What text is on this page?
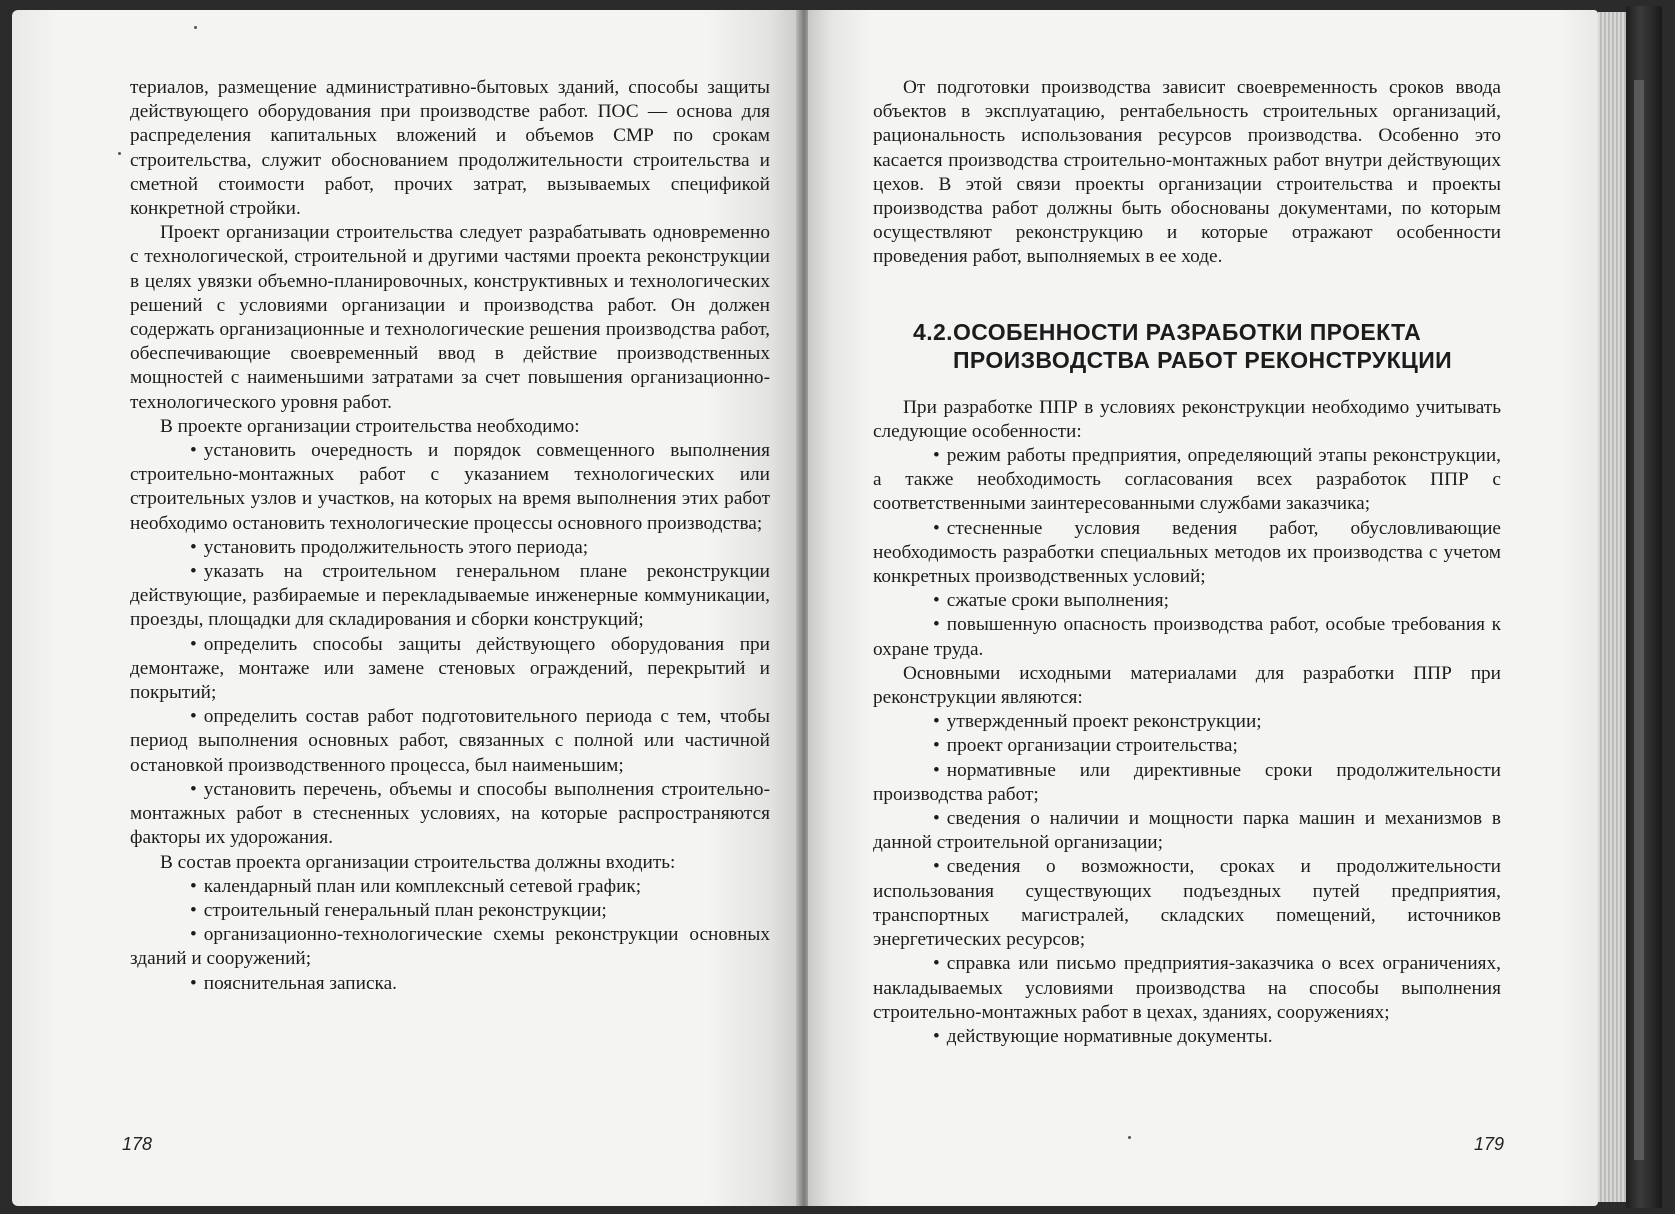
териалов, размещение административно-бытовых зданий, способы защиты действующего оборудования при производстве работ. ПОС — основа для распределения капитальных вложений и объемов СМР по срокам строительства, служит обоснованием продолжительности строительства и сметной стоимости работ, прочих затрат, вызываемых спецификой конкретной стройки.

Проект организации строительства следует разрабатывать одновременно с технологической, строительной и другими частями проекта реконструкции в целях увязки объемно-планировочных, конструктивных и технологических решений с условиями организации и производства работ. Он должен содержать организационные и технологические решения производства работ, обеспечивающие своевременный ввод в действие производственных мощностей с наименьшими затратами за счет повышения организационно-технологического уровня работ.

В проекте организации строительства необходимо:

• установить очередность и порядок совмещенного выполнения строительно-монтажных работ с указанием технологических или строительных узлов и участков, на которых на время выполнения этих работ необходимо остановить технологические процессы основного производства;

• установить продолжительность этого периода;

• указать на строительном генеральном плане реконструкции действующие, разбираемые и перекладываемые инженерные коммуникации, проезды, площадки для складирования и сборки конструкций;

• определить способы защиты действующего оборудования при демонтаже, монтаже или замене стеновых ограждений, перекрытий и покрытий;

• определить состав работ подготовительного периода с тем, чтобы период выполнения основных работ, связанных с полной или частичной остановкой производственного процесса, был наименьшим;

• установить перечень, объемы и способы выполнения строительно-монтажных работ в стесненных условиях, на которые распространяются факторы их удорожания.

В состав проекта организации строительства должны входить:

• календарный план или комплексный сетевой график;

• строительный генеральный план реконструкции;

• организационно-технологические схемы реконструкции основных зданий и сооружений;

• пояснительная записка.

178

От подготовки производства зависит своевременность сроков ввода объектов в эксплуатацию, рентабельность строительных организаций, рациональность использования ресурсов производства. Особенно это касается производства строительно-монтажных работ внутри действующих цехов. В этой связи проекты организации строительства и проекты производства работ должны быть обоснованы документами, по которым осуществляют реконструкцию и которые отражают особенности проведения работ, выполняемых в ее ходе.

4.2.ОСОБЕННОСТИ РАЗРАБОТКИ ПРОЕКТА
ПРОИЗВОДСТВА РАБОТ РЕКОНСТРУКЦИИ

При разработке ППР в условиях реконструкции необходимо учитывать следующие особенности:

• режим работы предприятия, определяющий этапы реконструкции, а также необходимость согласования всех разработок ППР с соответственными заинтересованными службами заказчика;

• стесненные условия ведения работ, обусловливающие необходимость разработки специальных методов их производства с учетом конкретных производственных условий;

• сжатые сроки выполнения;

• повышенную опасность производства работ, особые требования к охране труда.

Основными исходными материалами для разработки ППР при реконструкции являются:

• утвержденный проект реконструкции;

• проект организации строительства;

• нормативные или директивные сроки продолжительности производства работ;

• сведения о наличии и мощности парка машин и механизмов в данной строительной организации;

• сведения о возможности, сроках и продолжительности использования существующих подъездных путей предприятия, транспортных магистралей, складских помещений, источников энергетических ресурсов;

• справка или письмо предприятия-заказчика о всех ограничениях, накладываемых условиями производства на способы выполнения строительно-монтажных работ в цехах, зданиях, сооружениях;

• действующие нормативные документы.

179
